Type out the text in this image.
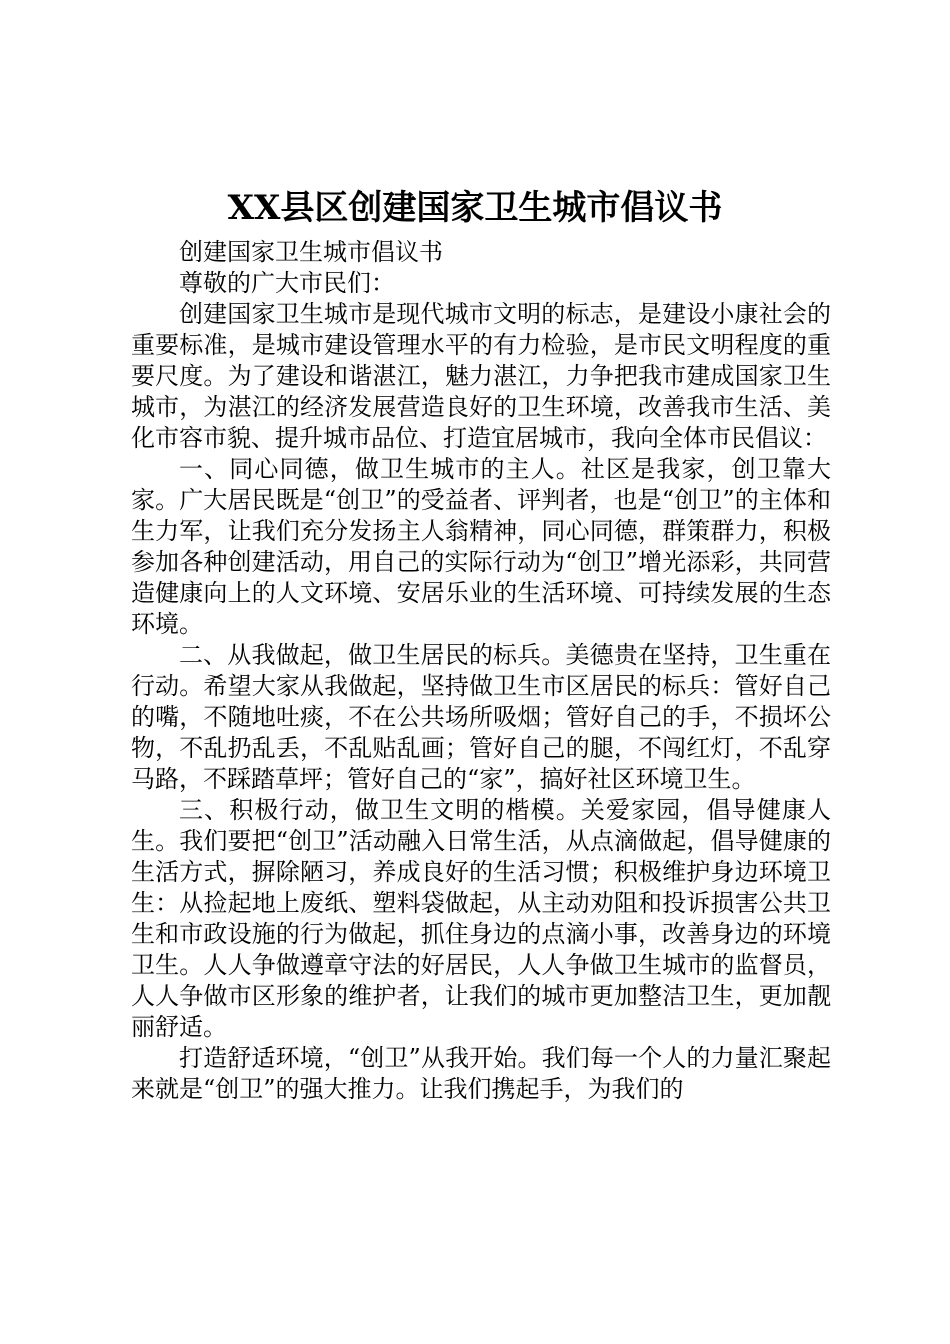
XX县区创建国家卫生城市倡议书

创建国家卫生城市倡议书

尊敬的广大市民们：

创建国家卫生城市是现代城市文明的标志，是建设小康社会的重要标准，是城市建设管理水平的有力检验，是市民文明程度的重要尺度。为了建设和谐湛江，魅力湛江，力争把我市建成国家卫生城市，为湛江的经济发展营造良好的卫生环境，改善我市生活、美化市容市貌、提升城市品位、打造宜居城市，我向全体市民倡议：

一、同心同德，做卫生城市的主人。社区是我家，创卫靠大家。广大居民既是“创卫”的受益者、评判者，也是“创卫”的主体和生力军，让我们充分发扬主人翁精神，同心同德，群策群力，积极参加各种创建活动，用自己的实际行动为“创卫”增光添彩，共同营造健康向上的人文环境、安居乐业的生活环境、可持续发展的生态环境。

二、从我做起，做卫生居民的标兵。美德贵在坚持，卫生重在行动。希望大家从我做起，坚持做卫生市区居民的标兵：管好自己的嘴，不随地吐痰，不在公共场所吸烟；管好自己的手，不损坏公物，不乱扔乱丢，不乱贴乱画；管好自己的腿，不闯红灯，不乱穿马路，不踩踏草坪；管好自己的“家”，搞好社区环境卫生。

三、积极行动，做卫生文明的楷模。关爱家园，倡导健康人生。我们要把“创卫”活动融入日常生活，从点滴做起，倡导健康的生活方式，摒除陋习，养成良好的生活习惯；积极维护身边环境卫生：从捡起地上废纸、塑料袋做起，从主动劝阻和投诉损害公共卫生和市政设施的行为做起，抓住身边的点滴小事，改善身边的环境卫生。人人争做遵章守法的好居民，人人争做卫生城市的监督员，人人争做市区形象的维护者，让我们的城市更加整洁卫生，更加靓丽舒适。

打造舒适环境，“创卫”从我开始。我们每一个人的力量汇聚起来就是“创卫”的强大推力。让我们携起手，为我们的
